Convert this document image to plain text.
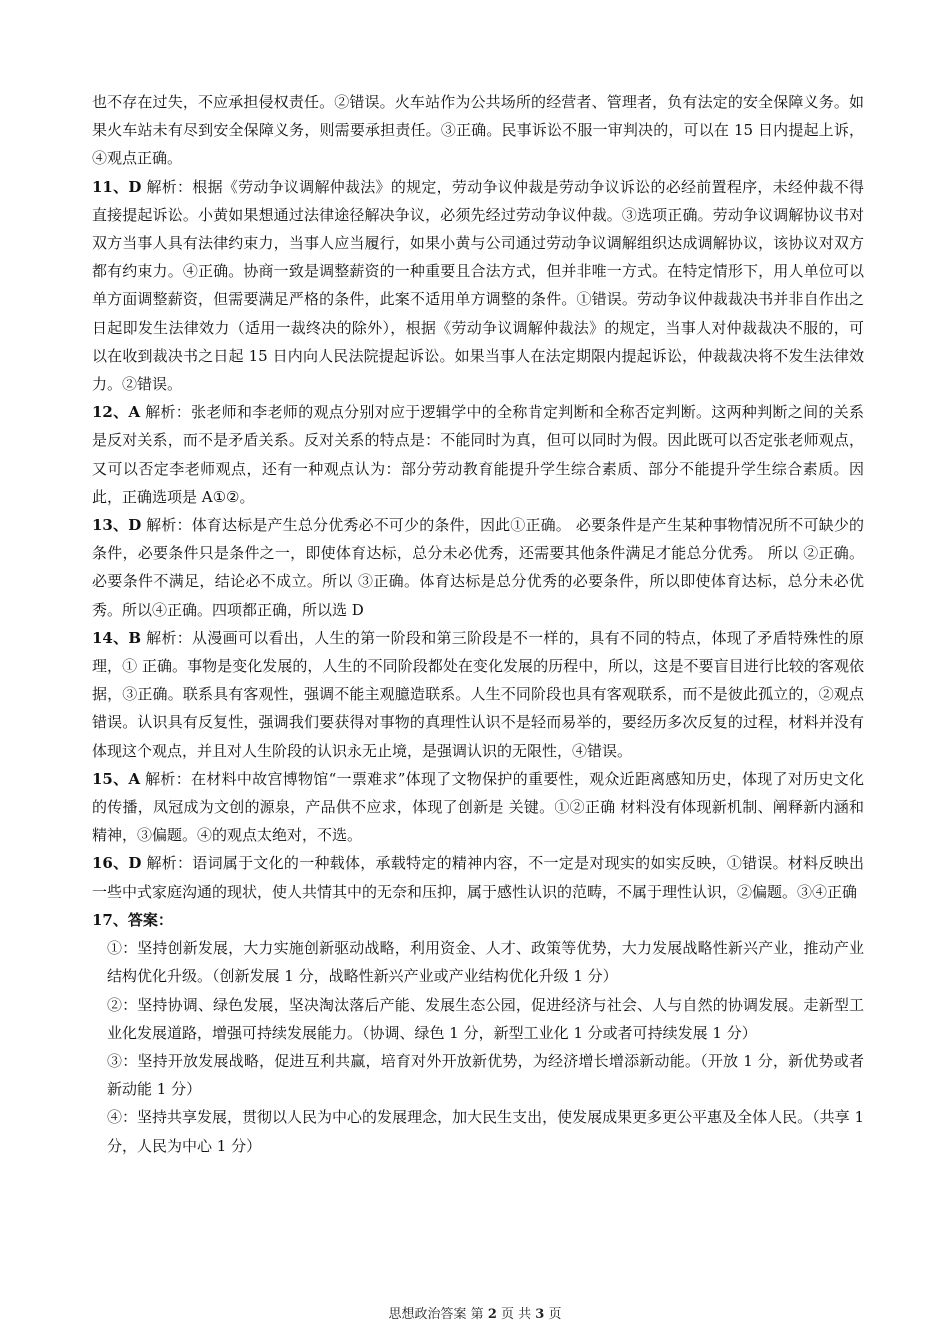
也不存在过失，不应承担侵权责任。②错误。火车站作为公共场所的经营者、管理者，负有法定的安全保障义务。如果火车站未有尽到安全保障义务，则需要承担责任。③正确。民事诉讼不服一审判决的，可以在 15 日内提起上诉，④观点正确。

11、D 解析：根据《劳动争议调解仲裁法》的规定，劳动争议仲裁是劳动争议诉讼的必经前置程序，未经仲裁不得直接提起诉讼。小黄如果想通过法律途径解决争议，必须先经过劳动争议仲裁。③选项正确。劳动争议调解协议书对双方当事人具有法律约束力，当事人应当履行，如果小黄与公司通过劳动争议调解组织达成调解协议，该协议对双方都有约束力。④正确。协商一致是调整薪资的一种重要且合法方式，但并非唯一方式。在特定情形下，用人单位可以单方面调整薪资，但需要满足严格的条件，此案不适用单方调整的条件。①错误。劳动争议仲裁裁决书并非自作出之日起即发生法律效力（适用一裁终决的除外），根据《劳动争议调解仲裁法》的规定，当事人对仲裁裁决不服的，可以在收到裁决书之日起 15 日内向人民法院提起诉讼。如果当事人在法定期限内提起诉讼，仲裁裁决将不发生法律效力。②错误。

12、A 解析：张老师和李老师的观点分别对应于逻辑学中的全称肯定判断和全称否定判断。这两种判断之间的关系是反对关系，而不是矛盾关系。反对关系的特点是：不能同时为真，但可以同时为假。因此既可以否定张老师观点，又可以否定李老师观点，还有一种观点认为：部分劳动教育能提升学生综合素质、部分不能提升学生综合素质。因此，正确选项是 A①②。

13、D 解析：体育达标是产生总分优秀必不可少的条件，因此①正确。 必要条件是产生某种事物情况所不可缺少的条件，必要条件只是条件之一，即使体育达标，总分未必优秀，还需要其他条件满足才能总分优秀。 所以 ②正确。必要条件不满足，结论必不成立。所以 ③正确。体育达标是总分优秀的必要条件，所以即使体育达标，总分未必优秀。所以④正确。四项都正确，所以选 D

14、B 解析：从漫画可以看出，人生的第一阶段和第三阶段是不一样的，具有不同的特点，体现了矛盾特殊性的原理，① 正确。事物是变化发展的，人生的不同阶段都处在变化发展的历程中，所以，这是不要盲目进行比较的客观依据，③正确。联系具有客观性，强调不能主观臆造联系。人生不同阶段也具有客观联系，而不是彼此孤立的，②观点错误。认识具有反复性，强调我们要获得对事物的真理性认识不是轻而易举的，要经历多次反复的过程，材料并没有体现这个观点，并且对人生阶段的认识永无止境，是强调认识的无限性，④错误。

15、A 解析：在材料中故宫博物馆“一票难求”体现了文物保护的重要性，观众近距离感知历史，体现了对历史文化的传播，凤冠成为文创的源泉，产品供不应求，体现了创新是 关键。①②正确 材料没有体现新机制、阐释新内涵和精神，③偏题。④的观点太绝对，不选。

16、D 解析：语词属于文化的一种载体，承载特定的精神内容，不一定是对现实的如实反映，①错误。材料反映出一些中式家庭沟通的现状，使人共情其中的无奈和压抑，属于感性认识的范畴，不属于理性认识，②偏题。③④正确

17、答案：

①：坚持创新发展，大力实施创新驱动战略，利用资金、人才、政策等优势，大力发展战略性新兴产业，推动产业结构优化升级。（创新发展 1 分，战略性新兴产业或产业结构优化升级 1 分）

②：坚持协调、绿色发展，坚决淘汰落后产能、发展生态公园，促进经济与社会、人与自然的协调发展。走新型工业化发展道路，增强可持续发展能力。（协调、绿色 1 分，新型工业化 1 分或者可持续发展 1 分）

③：坚持开放发展战略，促进互利共赢，培育对外开放新优势，为经济增长增添新动能。（开放 1 分，新优势或者新动能 1 分）

④：坚持共享发展，贯彻以人民为中心的发展理念，加大民生支出，使发展成果更多更公平惠及全体人民。（共享 1 分，人民为中心 1 分）

思想政治答案 第 2 页 共 3 页
